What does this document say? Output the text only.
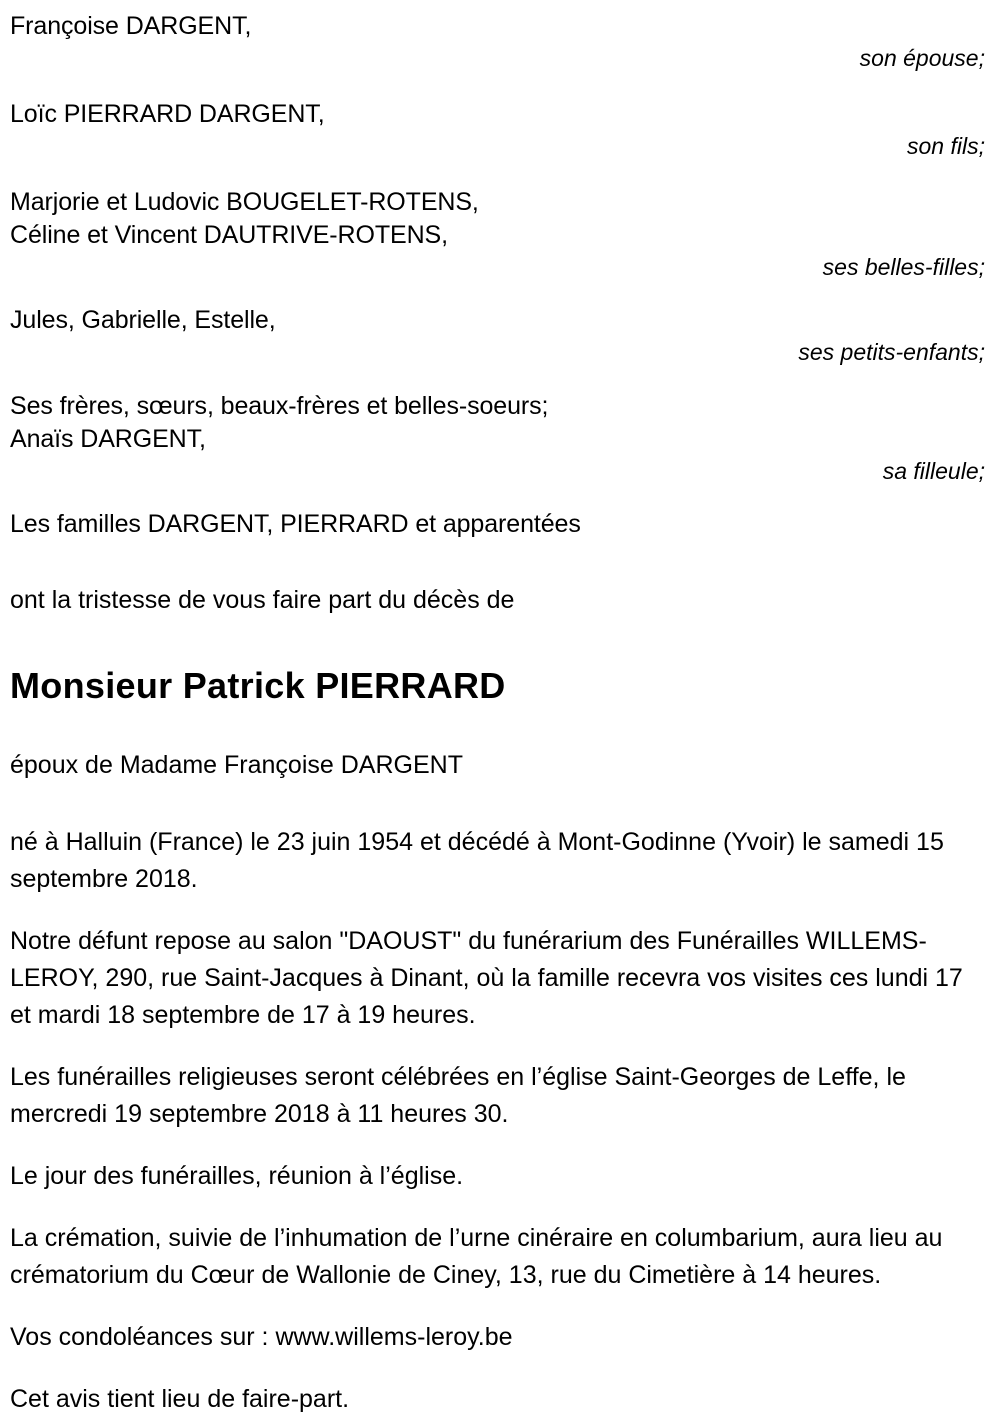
Françoise DARGENT,
son épouse;
Loïc PIERRARD DARGENT,
son fils;
Marjorie et Ludovic BOUGELET-ROTENS,
Céline et Vincent DAUTRIVE-ROTENS,
ses belles-filles;
Jules, Gabrielle, Estelle,
ses petits-enfants;
Ses frères, sœurs, beaux-frères et belles-soeurs;
Anaïs DARGENT,
sa filleule;
Les familles DARGENT, PIERRARD et apparentées
ont la tristesse de vous faire part du décès de
Monsieur Patrick PIERRARD
époux de Madame Françoise DARGENT

né à Halluin (France) le 23 juin 1954 et décédé à Mont-Godinne (Yvoir) le samedi 15 septembre 2018.

Notre défunt repose au salon "DAOUST" du funérarium des Funérailles WILLEMS-LEROY, 290, rue Saint-Jacques à Dinant, où la famille recevra vos visites ces lundi 17 et mardi 18 septembre de 17 à 19 heures.

Les funérailles religieuses seront célébrées en l’église Saint-Georges de Leffe, le mercredi 19 septembre 2018 à 11 heures 30.

Le jour des funérailles, réunion à l’église.

La crémation, suivie de l’inhumation de l’urne cinéraire en columbarium, aura lieu au crématorium du Cœur de Wallonie de Ciney, 13, rue du Cimetière à 14 heures.

Vos condoléances sur : www.willems-leroy.be

Cet avis tient lieu de faire-part.
